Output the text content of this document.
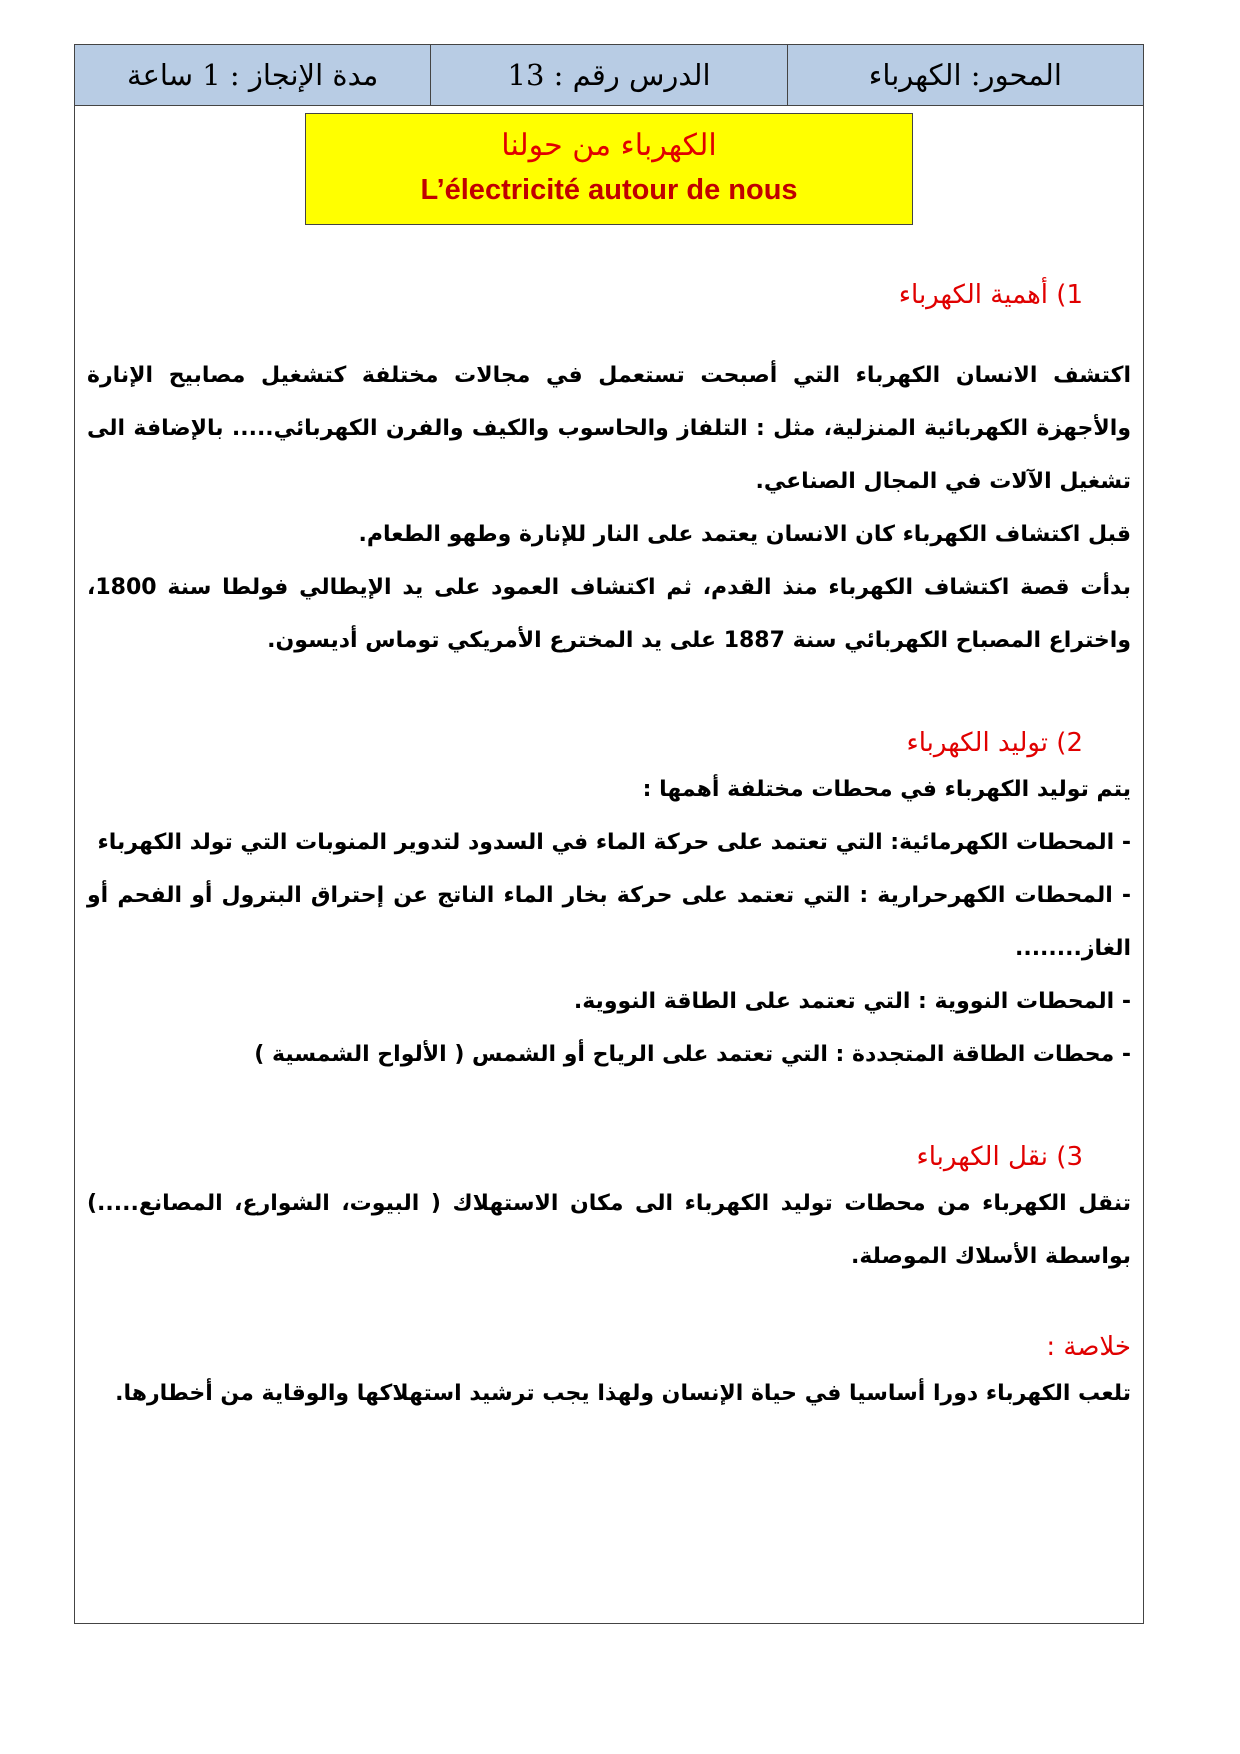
المحور: الكهرباء
الدرس رقم : 13
مدة الإنجاز : 1 ساعة
الكهرباء من حولنا
L’électricité autour de nous

1) أهمية الكهرباء

اكتشف الانسان الكهرباء التي أصبحت تستعمل في مجالات مختلفة كتشغيل مصابيح الإنارة والأجهزة الكهربائية المنزلية، مثل : التلفاز والحاسوب والكيف والفرن الكهربائي..... بالإضافة الى تشغيل الآلات في المجال الصناعي.

قبل اكتشاف الكهرباء كان الانسان يعتمد على النار للإنارة وطهو الطعام.

بدأت قصة اكتشاف الكهرباء منذ القدم، ثم اكتشاف العمود على يد الإيطالي فولطا سنة 1800، واختراع المصباح الكهربائي سنة 1887 على يد المخترع الأمريكي توماس أديسون.

2) توليد الكهرباء

يتم توليد الكهرباء في محطات مختلفة أهمها :

- المحطات الكهرمائية: التي تعتمد على حركة الماء في السدود لتدوير المنوبات التي تولد الكهرباء

- المحطات الكهرحرارية : التي تعتمد على حركة بخار الماء الناتج عن إحتراق البترول أو الفحم أو الغاز........

- المحطات النووية : التي تعتمد على الطاقة النووية.

- محطات الطاقة المتجددة : التي تعتمد على الرياح أو الشمس ( الألواح الشمسية )

3) نقل الكهرباء

تنقل الكهرباء من محطات توليد الكهرباء الى مكان الاستهلاك ( البيوت، الشوارع، المصانع.....) بواسطة الأسلاك الموصلة.

خلاصة :

تلعب الكهرباء دورا أساسيا في حياة الإنسان ولهذا يجب ترشيد استهلاكها والوقاية من أخطارها.
